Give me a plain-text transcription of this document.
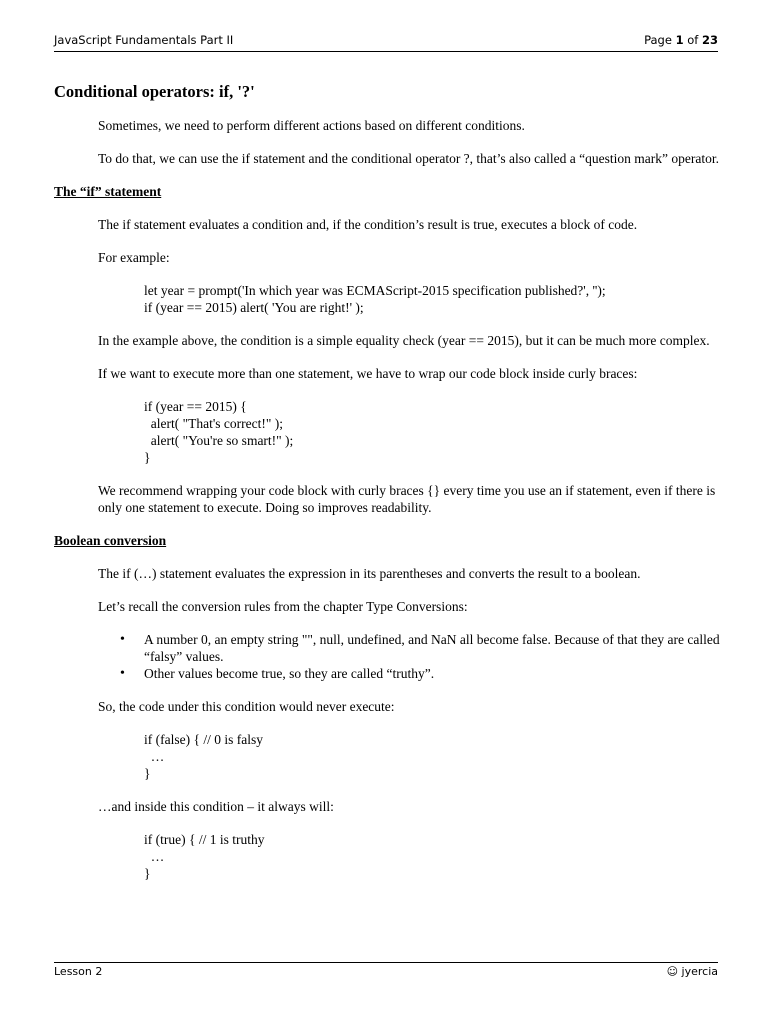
JavaScript Fundamentals Part II	Page 1 of 23
Conditional operators: if, '?'

Sometimes, we need to perform different actions based on different conditions.

To do that, we can use the if statement and the conditional operator ?, that’s also called a “question mark” operator.

The “if” statement

The if statement evaluates a condition and, if the condition’s result is true, executes a block of code.

For example:

let year = prompt('In which year was ECMAScript-2015 specification published?', '');
if (year == 2015) alert( 'You are right!' );

In the example above, the condition is a simple equality check (year == 2015), but it can be much more complex.

If we want to execute more than one statement, we have to wrap our code block inside curly braces:

if (year == 2015) {
alert( "That's correct!" );
alert( "You're so smart!" );
}

We recommend wrapping your code block with curly braces {} every time you use an if statement, even if there is only one statement to execute. Doing so improves readability.

Boolean conversion

The if (…) statement evaluates the expression in its parentheses and converts the result to a boolean.

Let’s recall the conversion rules from the chapter Type Conversions:

• A number 0, an empty string "", null, undefined, and NaN all become false. Because of that they are called “falsy” values.
• Other values become true, so they are called “truthy”.

So, the code under this condition would never execute:

if (false) { // 0 is falsy
…
}

…and inside this condition – it always will:

if (true) { // 1 is truthy
…
}
Lesson 2	☺ jyercia
